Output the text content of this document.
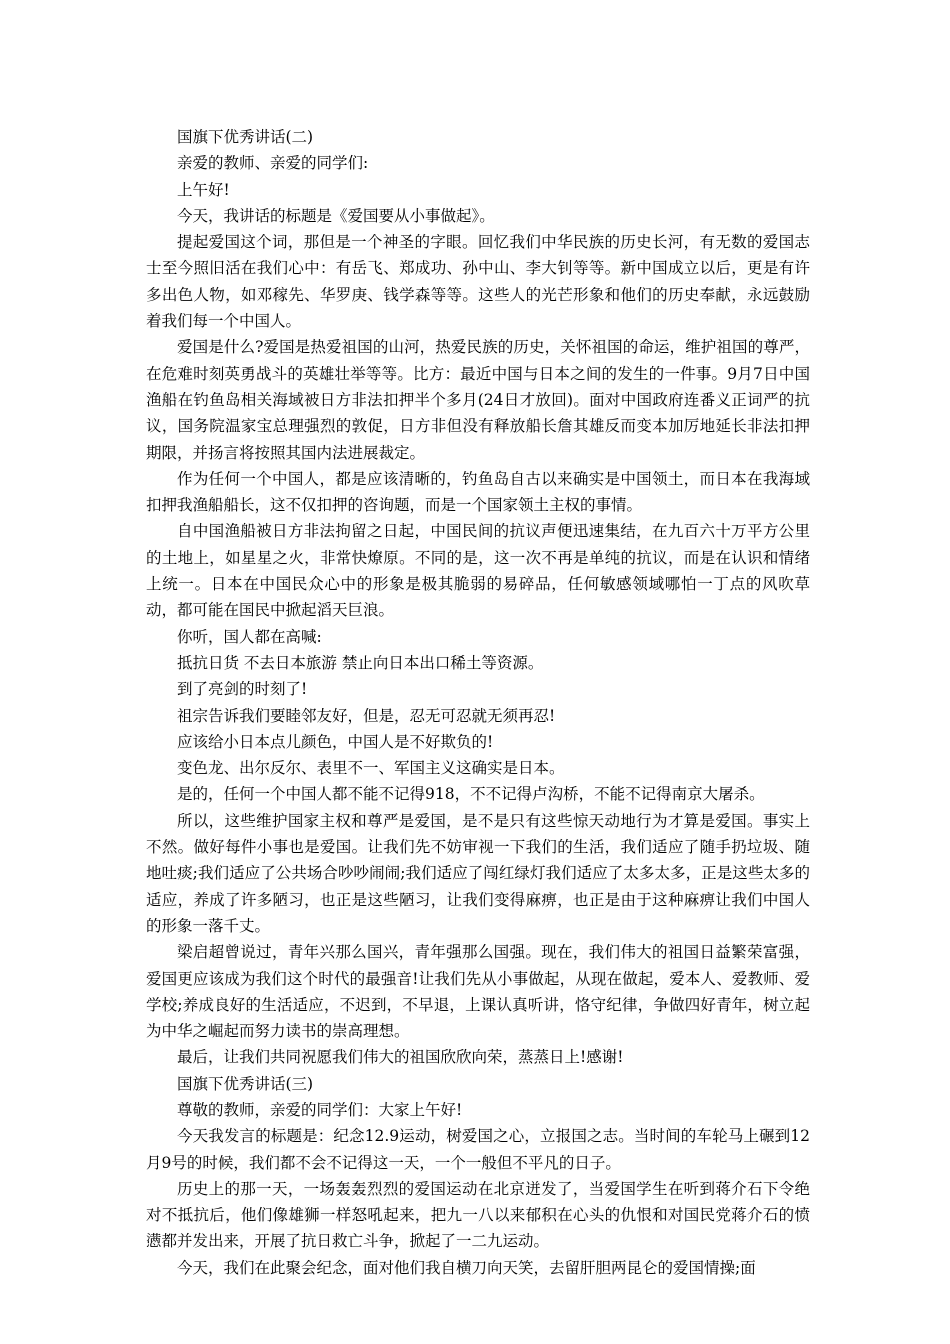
国旗下优秀讲话(二)

亲爱的教师、亲爱的同学们:

上午好!

今天，我讲话的标题是《爱国要从小事做起》。

提起爱国这个词，那但是一个神圣的字眼。回忆我们中华民族的历史长河，有无数的爱国志士至今照旧活在我们心中：有岳飞、郑成功、孙中山、李大钊等等。新中国成立以后，更是有许多出色人物，如邓稼先、华罗庚、钱学森等等。这些人的光芒形象和他们的历史奉献，永远鼓励着我们每一个中国人。

爱国是什么?爱国是热爱祖国的山河，热爱民族的历史，关怀祖国的命运，维护祖国的尊严，在危难时刻英勇战斗的英雄壮举等等。比方：最近中国与日本之间的发生的一件事。9月7日中国渔船在钓鱼岛相关海域被日方非法扣押半个多月(24日才放回)。面对中国政府连番义正词严的抗议，国务院温家宝总理强烈的敦促，日方非但没有释放船长詹其雄反而变本加厉地延长非法扣押期限，并扬言将按照其国内法进展裁定。

作为任何一个中国人，都是应该清晰的，钓鱼岛自古以来确实是中国领土，而日本在我海域扣押我渔船船长，这不仅扣押的咨询题，而是一个国家领土主权的事情。

自中国渔船被日方非法拘留之日起，中国民间的抗议声便迅速集结，在九百六十万平方公里的土地上，如星星之火，非常快燎原。不同的是，这一次不再是单纯的抗议，而是在认识和情绪上统一。日本在中国民众心中的形象是极其脆弱的易碎品，任何敏感领域哪怕一丁点的风吹草动，都可能在国民中掀起滔天巨浪。

你听，国人都在高喊:

抵抗日货 不去日本旅游 禁止向日本出口稀土等资源。

到了亮剑的时刻了!

祖宗告诉我们要睦邻友好，但是，忍无可忍就无须再忍!

应该给小日本点儿颜色，中国人是不好欺负的!

变色龙、出尔反尔、表里不一、军国主义这确实是日本。

是的，任何一个中国人都不能不记得918，不不记得卢沟桥，不能不记得南京大屠杀。

所以，这些维护国家主权和尊严是爱国，是不是只有这些惊天动地行为才算是爱国。事实上不然。做好每件小事也是爱国。让我们先不妨审视一下我们的生活，我们适应了随手扔垃圾、随地吐痰;我们适应了公共场合吵吵闹闹;我们适应了闯红绿灯我们适应了太多太多，正是这些太多的适应，养成了许多陋习，也正是这些陋习，让我们变得麻痹，也正是由于这种麻痹让我们中国人的形象一落千丈。

梁启超曾说过，青年兴那么国兴，青年强那么国强。现在，我们伟大的祖国日益繁荣富强，爱国更应该成为我们这个时代的最强音!让我们先从小事做起，从现在做起，爱本人、爱教师、爱学校;养成良好的生活适应，不迟到，不早退，上课认真听讲，恪守纪律，争做四好青年，树立起为中华之崛起而努力读书的崇高理想。

最后，让我们共同祝愿我们伟大的祖国欣欣向荣，蒸蒸日上!感谢!

国旗下优秀讲话(三)

尊敬的教师，亲爱的同学们：大家上午好!

今天我发言的标题是：纪念12.9运动，树爱国之心，立报国之志。当时间的车轮马上碾到12月9号的时候，我们都不会不记得这一天，一个一般但不平凡的日子。

历史上的那一天，一场轰轰烈烈的爱国运动在北京迸发了，当爱国学生在听到蒋介石下令绝对不抵抗后，他们像雄狮一样怒吼起来，把九一八以来郁积在心头的仇恨和对国民党蒋介石的愤懑都并发出来，开展了抗日救亡斗争，掀起了一二九运动。

今天，我们在此聚会纪念，面对他们我自横刀向天笑，去留肝胆两昆仑的爱国情操;面
